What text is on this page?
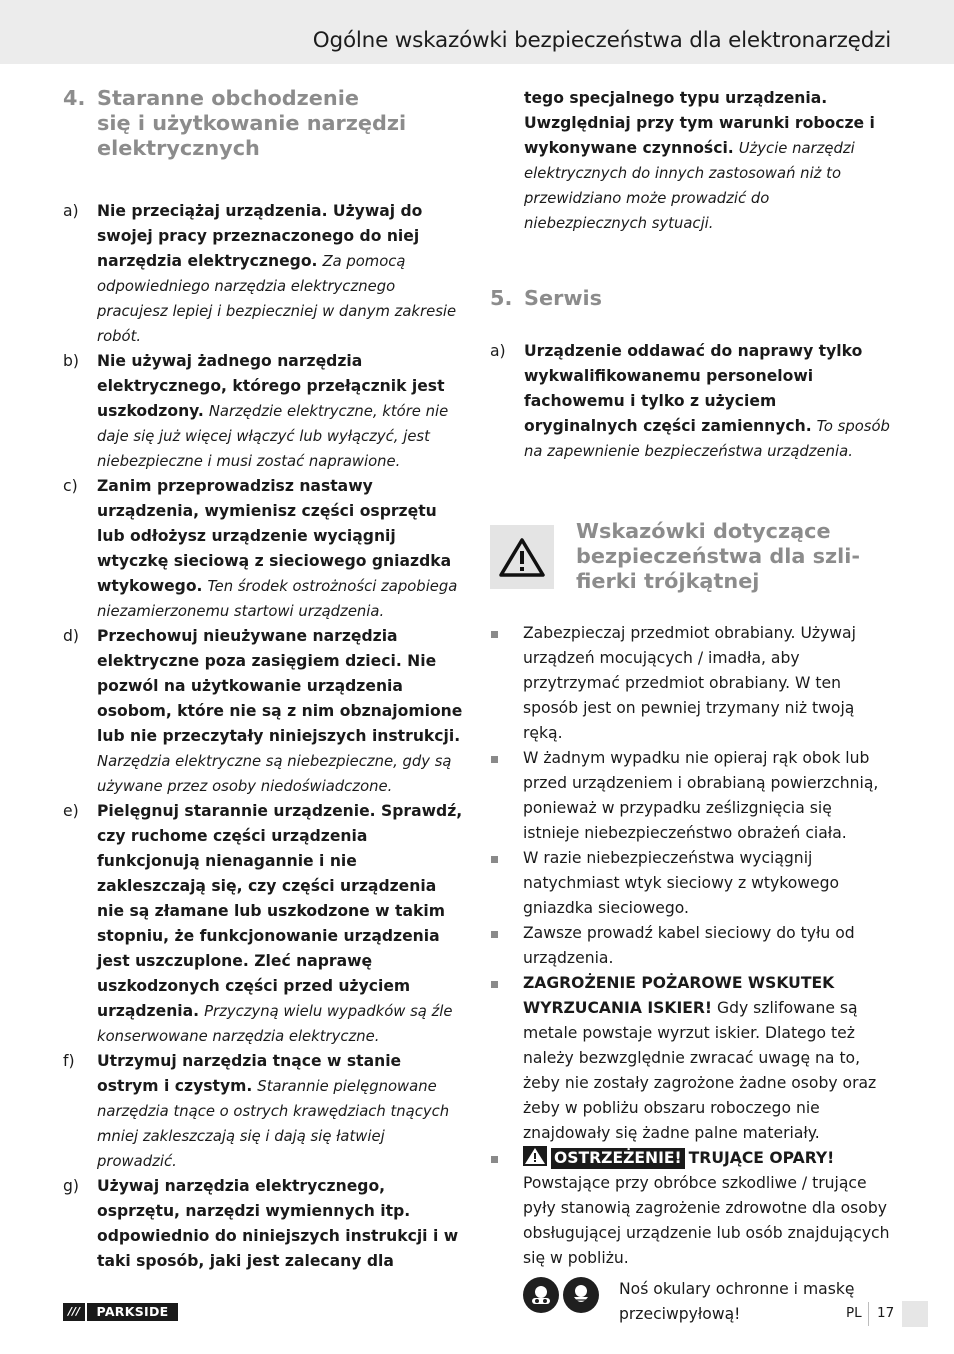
Ogólne wskazówki bezpieczeństwa dla elektronarzędzi
4. Staranne obchodzenie
się i użytkowanie narzędzi
elektrycznych
a)	Nie przeciążaj urządzenia. Używaj do swojej pracy przeznaczonego do niej narzędzia elektrycznego. Za pomocą odpowiedniego narzędzia elektrycznego pracujesz lepiej i bezpieczniej w danym zakresie robót.
b)	Nie używaj żadnego narzędzia elektrycznego, którego przełącznik jest uszkodzony. Narzędzie elektryczne, które nie daje się już więcej włączyć lub wyłączyć, jest niebezpieczne i musi zostać naprawione.
c)	Zanim przeprowadzisz nastawy urządzenia, wymienisz części osprzętu lub odłożysz urządzenie wyciągnij wtyczkę sieciową z sieciowego gniazdka wtykowego. Ten środek ostrożności zapobiega niezamierzonemu startowi urządzenia.
d)	Przechowuj nieużywane narzędzia elektryczne poza zasięgiem dzieci. Nie pozwól na użytkowanie urządzenia osobom, które nie są z nim obznajomione lub nie przeczytały niniejszych instrukcji. Narzędzia elektryczne są niebezpieczne, gdy są używane przez osoby niedoświadczone.
e)	Pielęgnuj starannie urządzenie. Sprawdź, czy ruchome części urządzenia funkcjonują nienagannie i nie zakleszczają się, czy części urządzenia nie są złamane lub uszkodzone w takim stopniu, że funkcjonowanie urządzenia jest uszczuplone. Zleć naprawę uszkodzonych części przed użyciem urządzenia. Przyczyną wielu wypadków są źle konserwowane narzędzia elektryczne.
f)	Utrzymuj narzędzia tnące w stanie ostrym i czystym. Starannie pielęgnowane narzędzia tnące o ostrych krawędziach tnących mniej zakleszczają się i dają się łatwiej prowadzić.
g)	Używaj narzędzia elektrycznego, osprzętu, narzędzi wymiennych itp. odpowiednio do niniejszych instrukcji i w taki sposób, jaki jest zalecany dla
tego specjalnego typu urządzenia. Uwzględniaj przy tym warunki robocze i wykonywane czynności. Użycie narzędzi elektrycznych do innych zastosowań niż to przewidziano może prowadzić do niebezpiecznych sytuacji.
5. Serwis
a)	Urządzenie oddawać do naprawy tylko wykwalifikowanemu personelowi fachowemu i tylko z użyciem oryginalnych części zamiennych. To sposób na zapewnienie bezpieczeństwa urządzenia.
Wskazówki dotyczące
bezpieczeństwa dla szli-
fierki trójkątnej
Zabezpieczaj przedmiot obrabiany. Używaj urządzeń mocujących / imadła, aby przytrzymać przedmiot obrabiany. W ten sposób jest on pewniej trzymany niż twoją ręką.
W żadnym wypadku nie opieraj rąk obok lub przed urządzeniem i obrabianą powierzchnią, ponieważ w przypadku ześlizgnięcia się istnieje niebezpieczeństwo obrażeń ciała.
W razie niebezpieczeństwa wyciągnij natychmiast wtyk sieciowy z wtykowego gniazdka sieciowego.
Zawsze prowadź kabel sieciowy do tyłu od urządzenia.
ZAGROŻENIE POŻAROWE WSKUTEK WYRZUCANIA ISKIER! Gdy szlifowane są metale powstaje wyrzut iskier. Dlatego też należy bezwzględnie zwracać uwagę na to, żeby nie zostały zagrożone żadne osoby oraz żeby w pobliżu obszaru roboczego nie znajdowały się żadne palne materiały.
OSTRZEŻENIE! TRUJĄCE OPARY! Powstające przy obróbce szkodliwe / trujące pyły stanowią zagrożenie zdrowotne dla osoby obsługującej urządzenie lub osób znajdujących się w pobliżu.
Noś okulary ochronne i maskę przeciwpyłową!
///	PARKSIDE	PL 17
